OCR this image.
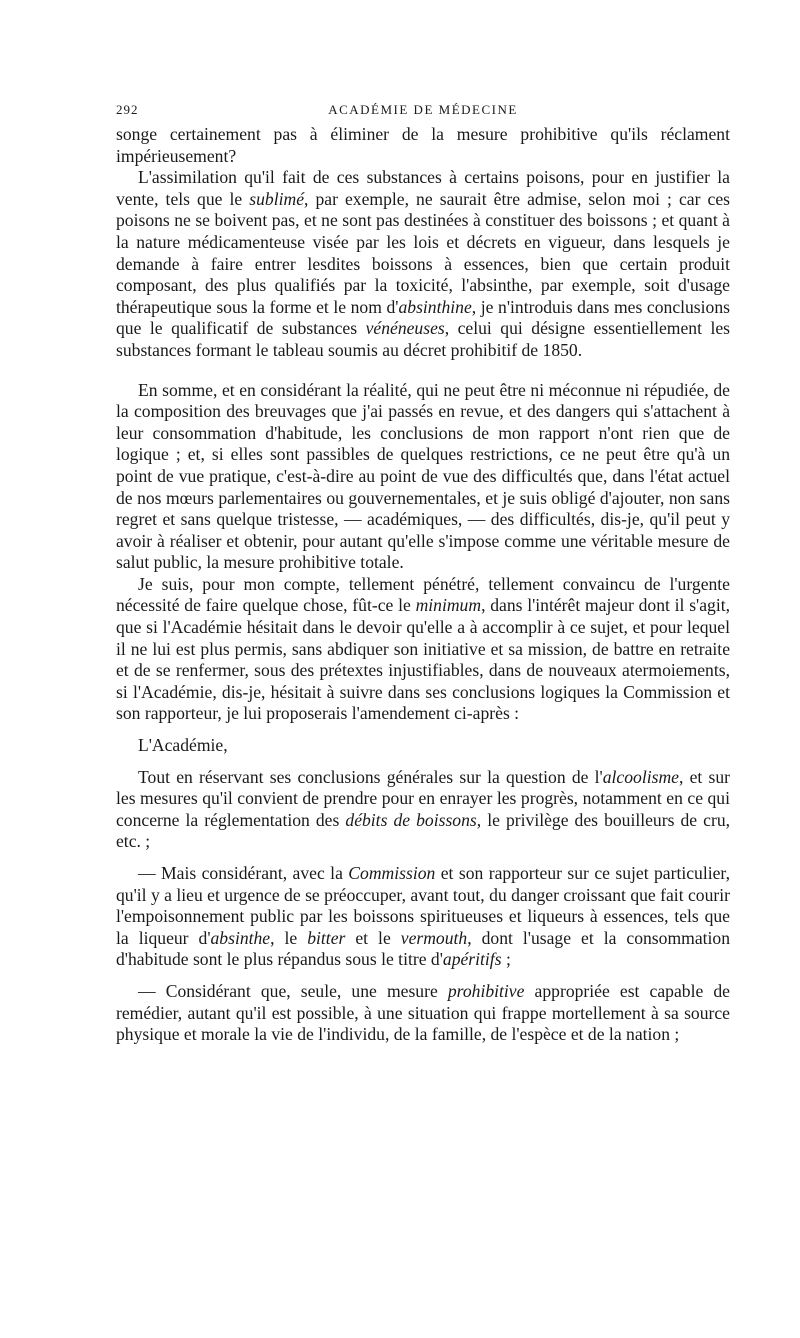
292	ACADÉMIE DE MÉDECINE

songe certainement pas à éliminer de la mesure prohibitive qu'ils réclament impérieusement?

L'assimilation qu'il fait de ces substances à certains poisons, pour en justifier la vente, tels que le sublimé, par exemple, ne saurait être admise, selon moi ; car ces poisons ne se boivent pas, et ne sont pas destinées à constituer des boissons ; et quant à la nature médicamenteuse visée par les lois et décrets en vigueur, dans lesquels je demande à faire entrer lesdites boissons à essences, bien que certain produit composant, des plus qualifiés par la toxicité, l'absinthe, par exemple, soit d'usage thérapeutique sous la forme et le nom d'absinthine, je n'introduis dans mes conclusions que le qualificatif de substances vénéneuses, celui qui désigne essentiellement les substances formant le tableau soumis au décret prohibitif de 1850.

En somme, et en considérant la réalité, qui ne peut être ni méconnue ni répudiée, de la composition des breuvages que j'ai passés en revue, et des dangers qui s'attachent à leur consommation d'habitude, les conclusions de mon rapport n'ont rien que de logique ; et, si elles sont passibles de quelques restrictions, ce ne peut être qu'à un point de vue pratique, c'est-à-dire au point de vue des difficultés que, dans l'état actuel de nos mœurs parlementaires ou gouvernementales, et je suis obligé d'ajouter, non sans regret et sans quelque tristesse, — académiques, — des difficultés, dis-je, qu'il peut y avoir à réaliser et obtenir, pour autant qu'elle s'impose comme une véritable mesure de salut public, la mesure prohibitive totale.

Je suis, pour mon compte, tellement pénétré, tellement convaincu de l'urgente nécessité de faire quelque chose, fût-ce le minimum, dans l'intérêt majeur dont il s'agit, que si l'Académie hésitait dans le devoir qu'elle a à accomplir à ce sujet, et pour lequel il ne lui est plus permis, sans abdiquer son initiative et sa mission, de battre en retraite et de se renfermer, sous des prétextes injustifiables, dans de nouveaux atermoiements, si l'Académie, dis-je, hésitait à suivre dans ses conclusions logiques la Commission et son rapporteur, je lui proposerais l'amendement ci-après :

L'Académie,

Tout en réservant ses conclusions générales sur la question de l'alcoolisme, et sur les mesures qu'il convient de prendre pour en enrayer les progrès, notamment en ce qui concerne la réglementation des débits de boissons, le privilège des bouilleurs de cru, etc. ;

— Mais considérant, avec la Commission et son rapporteur sur ce sujet particulier, qu'il y a lieu et urgence de se préoccuper, avant tout, du danger croissant que fait courir l'empoisonnement public par les boissons spiritueuses et liqueurs à essences, tels que la liqueur d'absinthe, le bitter et le vermouth, dont l'usage et la consommation d'habitude sont le plus répandus sous le titre d'apéritifs ;

— Considérant que, seule, une mesure prohibitive appropriée est capable de remédier, autant qu'il est possible, à une situation qui frappe mortellement à sa source physique et morale la vie de l'individu, de la famille, de l'espèce et de la nation ;
